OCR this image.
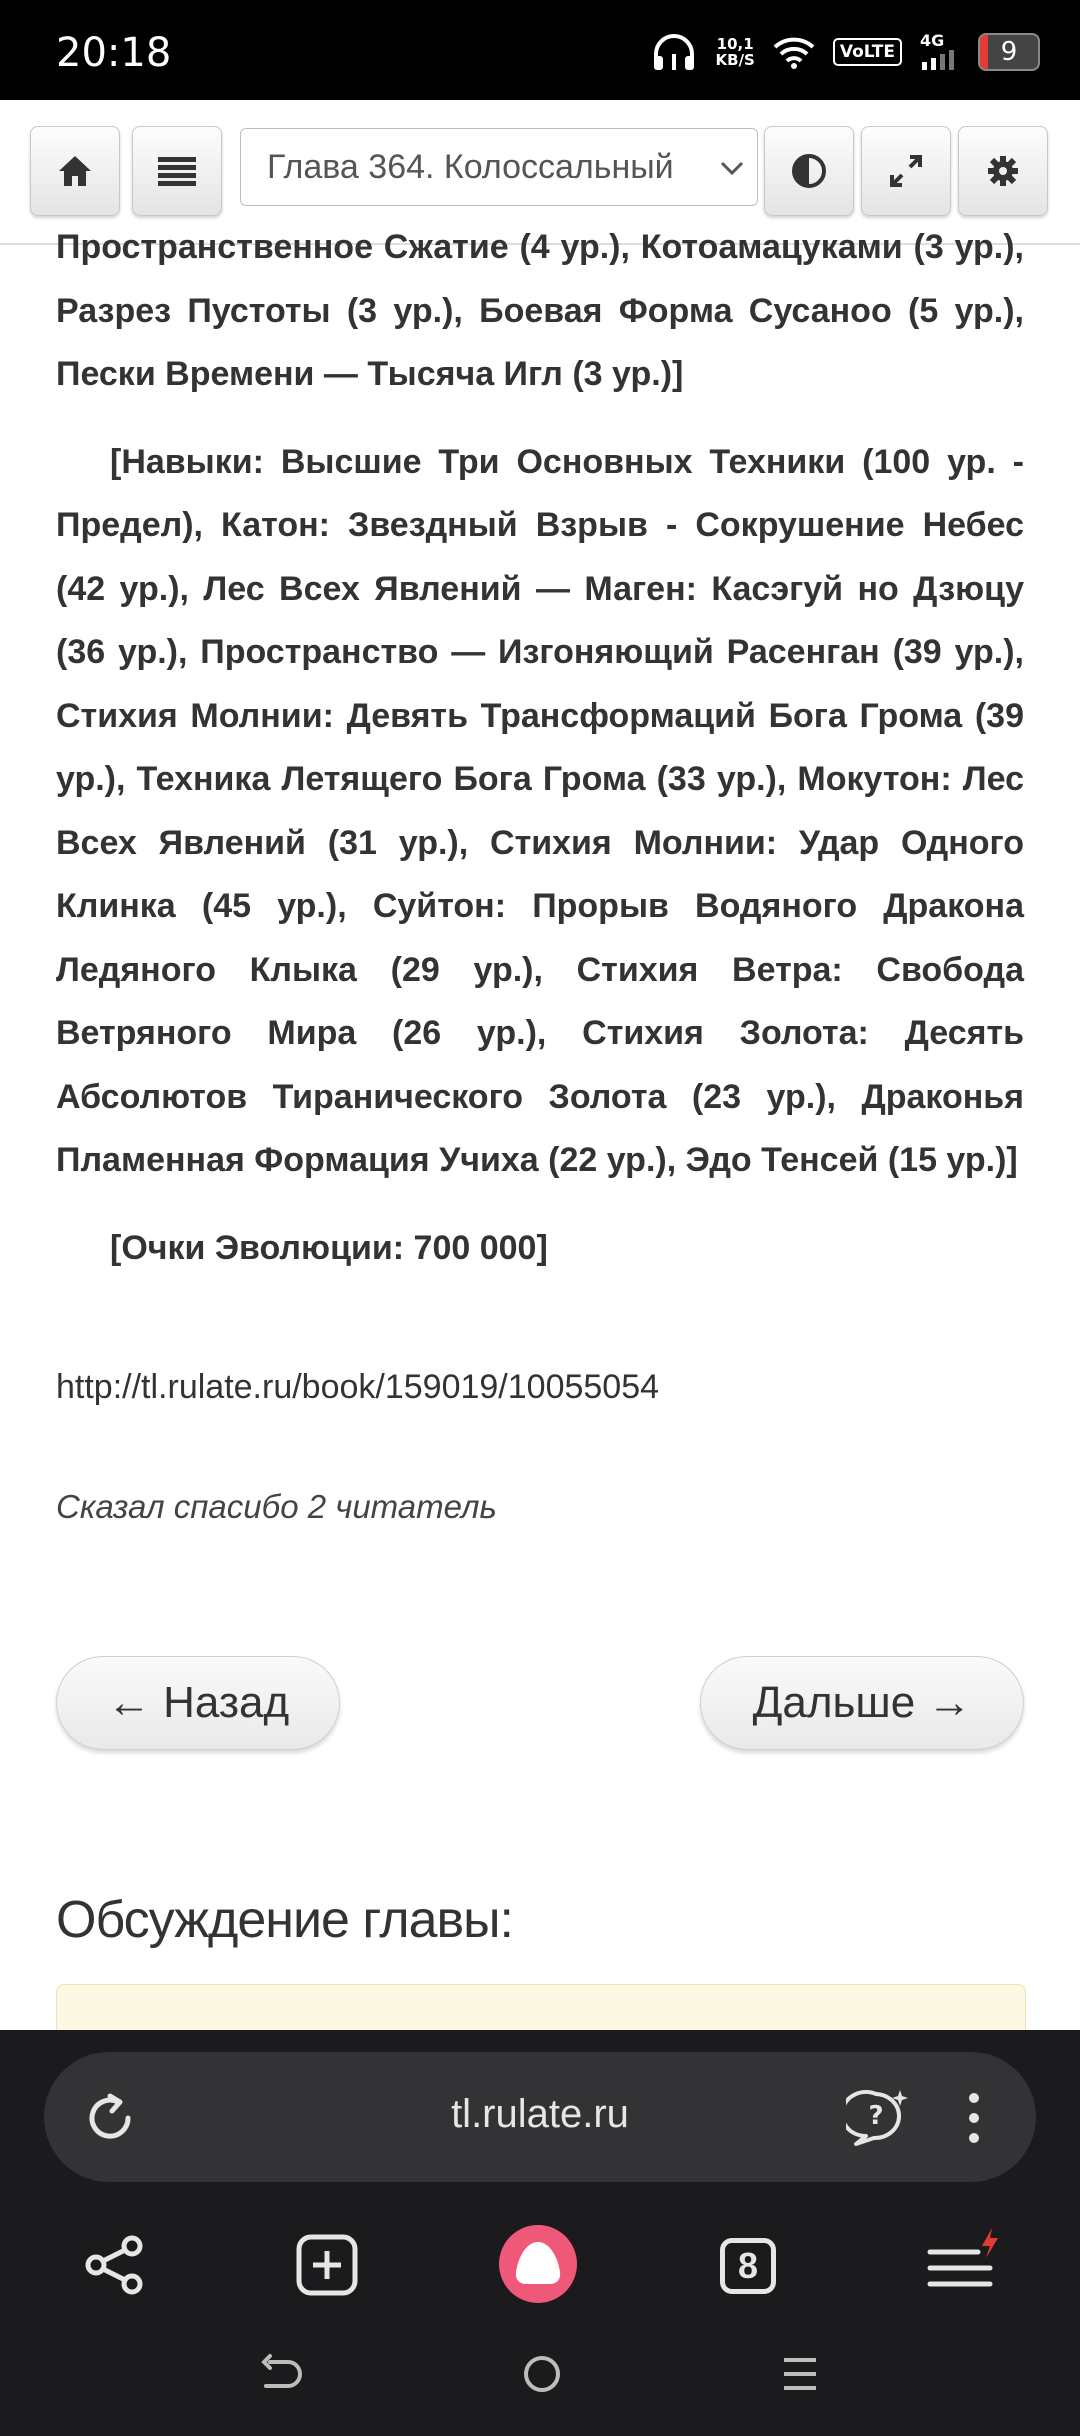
20:18	10,1
KB/S	VoLTE
4G	9
Глава 364. Колоссальный

Пространственное Сжатие (4 ур.), Котоамацуками (3 ур.), Разрез Пустоты (3 ур.), Боевая Форма Сусаноо (5 ур.), Пески Времени — Тысяча Игл (3 ур.)]

[Навыки: Высшие Три Основных Техники (100 ур. - Предел), Катон: Звездный Взрыв - Сокрушение Небес (42 ур.), Лес Всех Явлений — Маген: Касэгуй но Дзюцу (36 ур.), Пространство — Изгоняющий Расенган (39 ур.), Стихия Молнии: Девять Трансформаций Бога Грома (39 ур.), Техника Летящего Бога Грома (33 ур.), Мокутон: Лес Всех Явлений (31 ур.), Стихия Молнии: Удар Одного Клинка (45 ур.), Суйтон: Прорыв Водяного Дракона Ледяного Клыка (29 ур.), Стихия Ветра: Свобода Ветряного Мира (26 ур.), Стихия Золота: Десять Абсолютов Тиранического Золота (23 ур.), Драконья Пламенная Формация Учиха (22 ур.), Эдо Тенсей (15 ур.)]

[Очки Эволюции: 700 000]

http://tl.rulate.ru/book/159019/10055054
Сказал спасибо 2 читатель
← Назад	Дальше →
Обсуждение главы:
tl.rulate.ru	?
8
